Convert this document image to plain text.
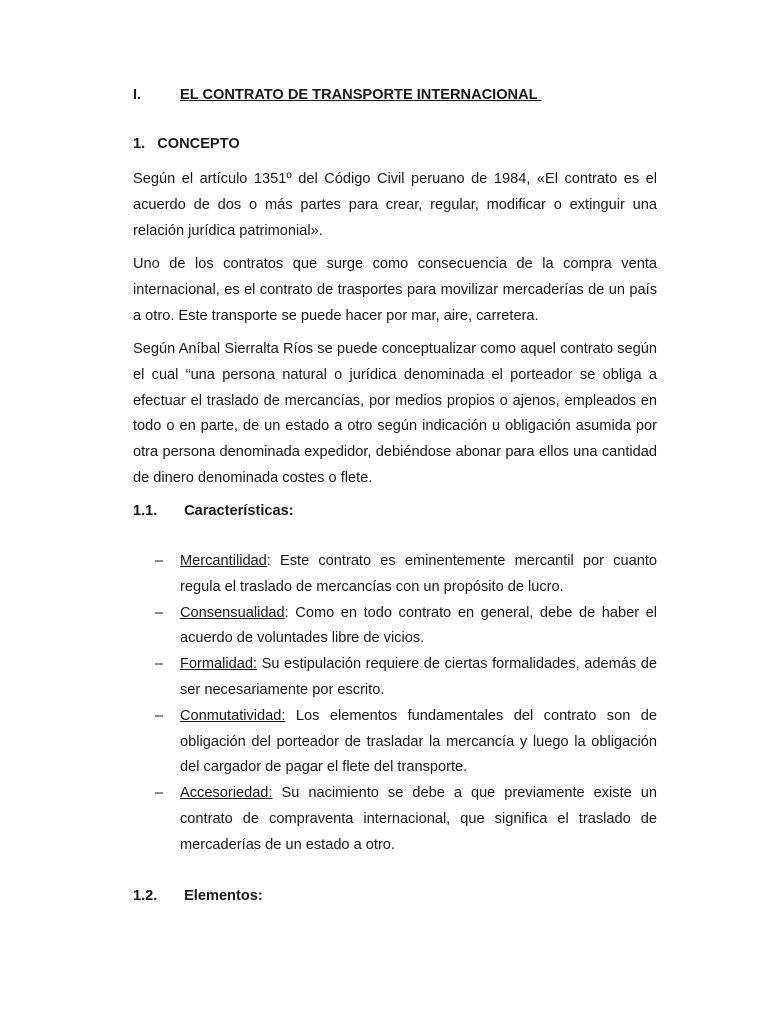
I.	EL CONTRATO DE TRANSPORTE INTERNACIONAL
1. CONCEPTO

Según el artículo 1351º del Código Civil peruano de 1984, «El contrato es el acuerdo de dos o más partes para crear, regular, modificar o extinguir una relación jurídica patrimonial».

Uno de los contratos que surge como consecuencia de la compra venta internacional, es el contrato de trasportes para movilizar mercaderías de un país a otro. Este transporte se puede hacer por mar, aire, carretera.

Según Aníbal Sierralta Ríos se puede conceptualizar como aquel contrato según el cual “una persona natural o jurídica denominada el porteador se obliga a efectuar el traslado de mercancías, por medios propios o ajenos, empleados en todo o en parte, de un estado a otro según indicación u obligación asumida por otra persona denominada expedidor, debiéndose abonar para ellos una cantidad de dinero denominada costes o flete.

1.1. Características:
– Mercantilidad: Este contrato es eminentemente mercantil por cuanto regula el traslado de mercancías con un propósito de lucro.
– Consensualidad: Como en todo contrato en general, debe de haber el acuerdo de voluntades libre de vicios.
– Formalidad: Su estipulación requiere de ciertas formalidades, además de ser necesariamente por escrito.
– Conmutatividad: Los elementos fundamentales del contrato son de obligación del porteador de trasladar la mercancía y luego la obligación del cargador de pagar el flete del transporte.
– Accesoriedad: Su nacimiento se debe a que previamente existe un contrato de compraventa internacional, que significa el traslado de mercaderías de un estado a otro.
1.2. Elementos:
